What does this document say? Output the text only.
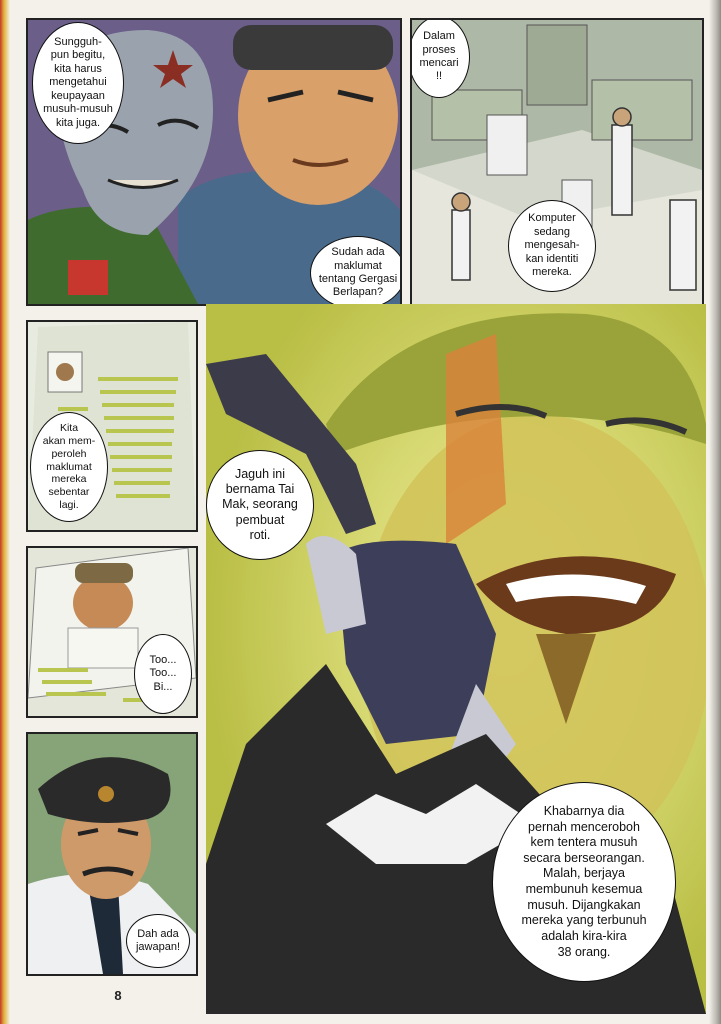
Sungguh-
pun begitu,
kita harus
mengetahui
keupayaan
musuh-musuh
kita juga.
Sudah ada
maklumat
tentang Gergasi
Berlapan?
Dalam
proses
mencari
!!
Komputer
sedang
mengesah-
kan identiti
mereka.
Kita
akan mem-
peroleh
maklumat
mereka
sebentar
lagi.
Too...
Too...
Bi...
Dah ada
jawapan!
Jaguh ini
bernama Tai
Mak, seorang
pembuat
roti.
Khabarnya dia
pernah menceroboh
kem tentera musuh
secara berseorangan.
Malah, berjaya
membunuh kesemua
musuh. Dijangkakan
mereka yang terbunuh
adalah kira-kira
38 orang.
8
